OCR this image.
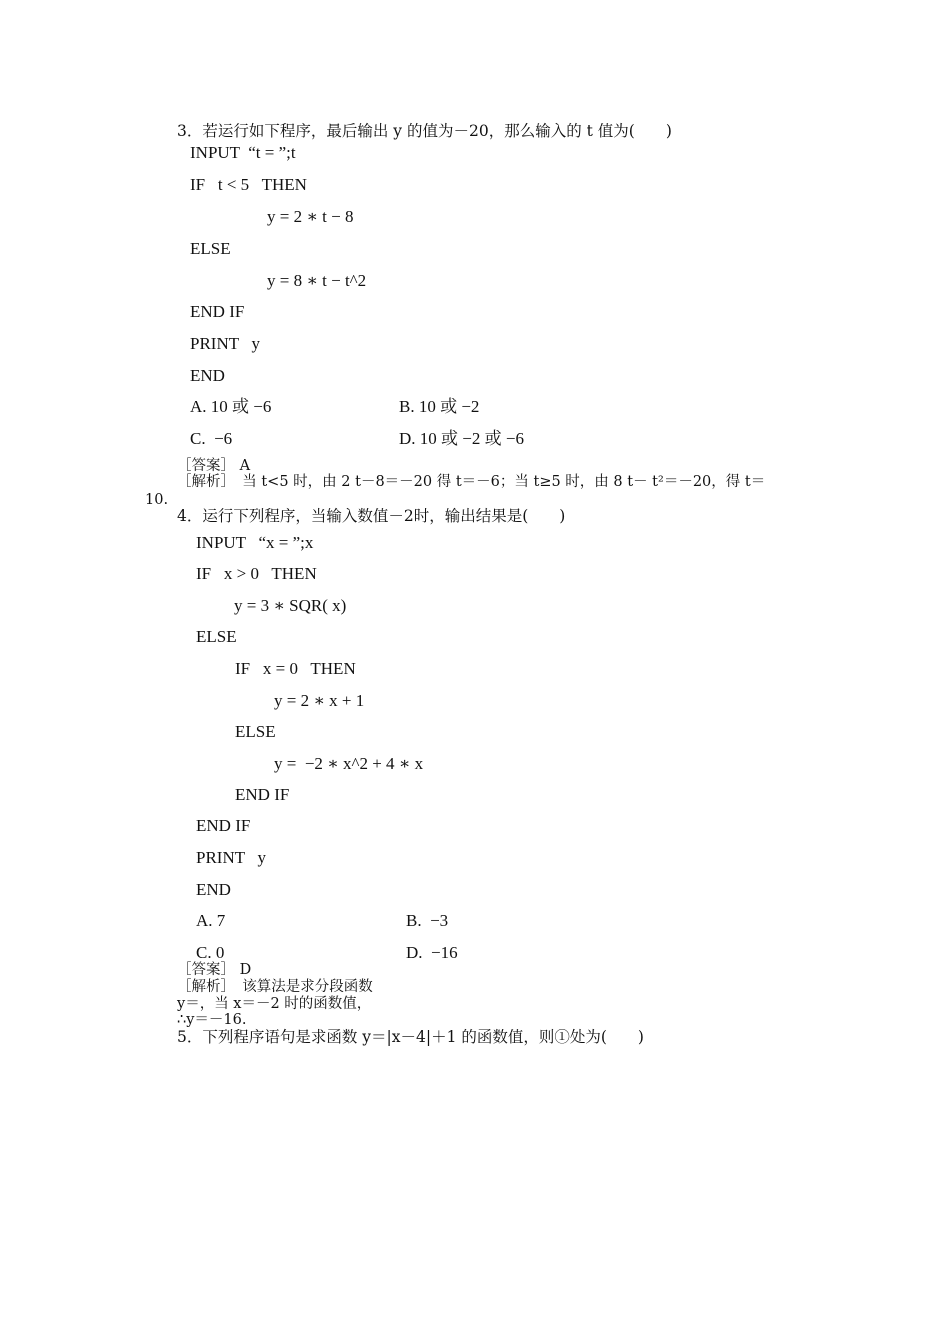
3．若运行如下程序，最后输出 y 的值为－20，那么输入的 t 值为(　　)
INPUT  “t = ”;t
IF   t < 5   THEN
y = 2 ∗ t − 8
ELSE
y = 8 ∗ t − t^2
END IF
PRINT   y
END
A. 10 或 −6	B. 10 或 −2
C.  −6	D. 10 或 −2 或 −6
［答案］ A
［解析］　当 t<5 时，由 2 t－8＝－20 得 t＝－6；当 t≥5 时，由 8 t－ t²＝－20，得 t＝
10.
4．运行下列程序，当输入数值－2时，输出结果是(　　)
INPUT   “x = ”;x
IF   x > 0   THEN
y = 3 ∗ SQR( x)
ELSE
IF   x = 0   THEN
y = 2 ∗ x + 1
ELSE
y =  −2 ∗ x^2 + 4 ∗ x
END IF
END IF
PRINT   y
END
A. 7	B.  −3
C. 0	D.  −16
［答案］ D
［解析］　该算法是求分段函数
y＝，当 x＝－2 时的函数值，
∴y＝－16.
5．下列程序语句是求函数 y＝|x－4|＋1 的函数值，则①处为(　　)
